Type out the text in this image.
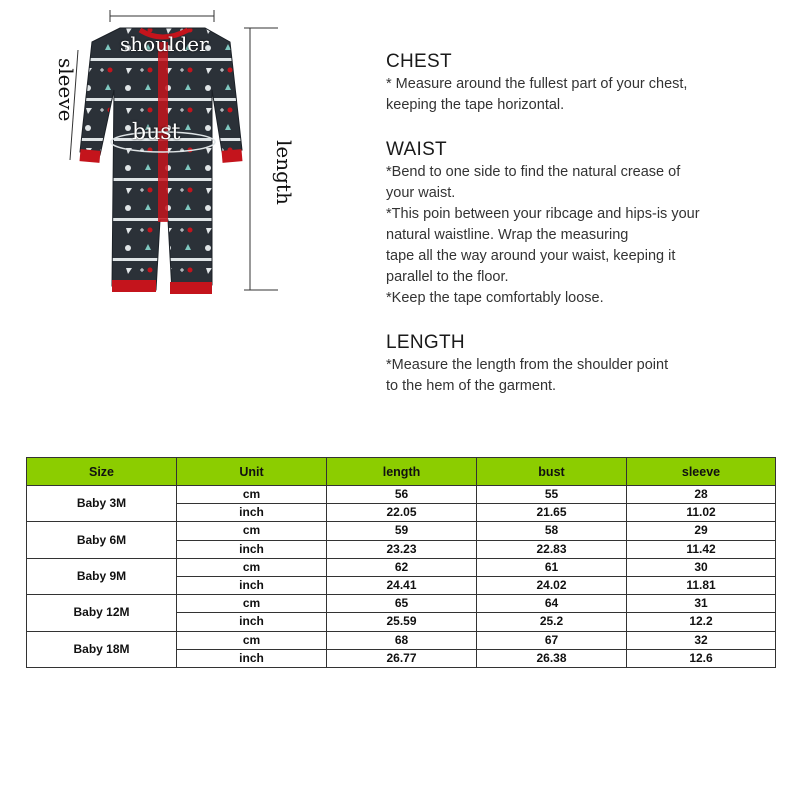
shoulder
bust
sleeve
length

CHEST

* Measure around the fullest part of your chest,

keeping the tape horizontal.

WAIST

*Bend to one side to find the natural crease of

your waist.

*This poin between your ribcage and hips-is your

natural waistline. Wrap the measuring

tape all the way around your waist, keeping it

parallel to the floor.

*Keep the tape comfortably loose.

LENGTH

*Measure the length from the shoulder point

to the hem of the garment.

Size	Unit	length	bust	sleeve
Baby 3M	cm	56	55	28
	inch	22.05	21.65	11.02
Baby 6M	cm	59	58	29
	inch	23.23	22.83	11.42
Baby 9M	cm	62	61	30
	inch	24.41	24.02	11.81
Baby 12M	cm	65	64	31
	inch	25.59	25.2	12.2
Baby 18M	cm	68	67	32
	inch	26.77	26.38	12.6
